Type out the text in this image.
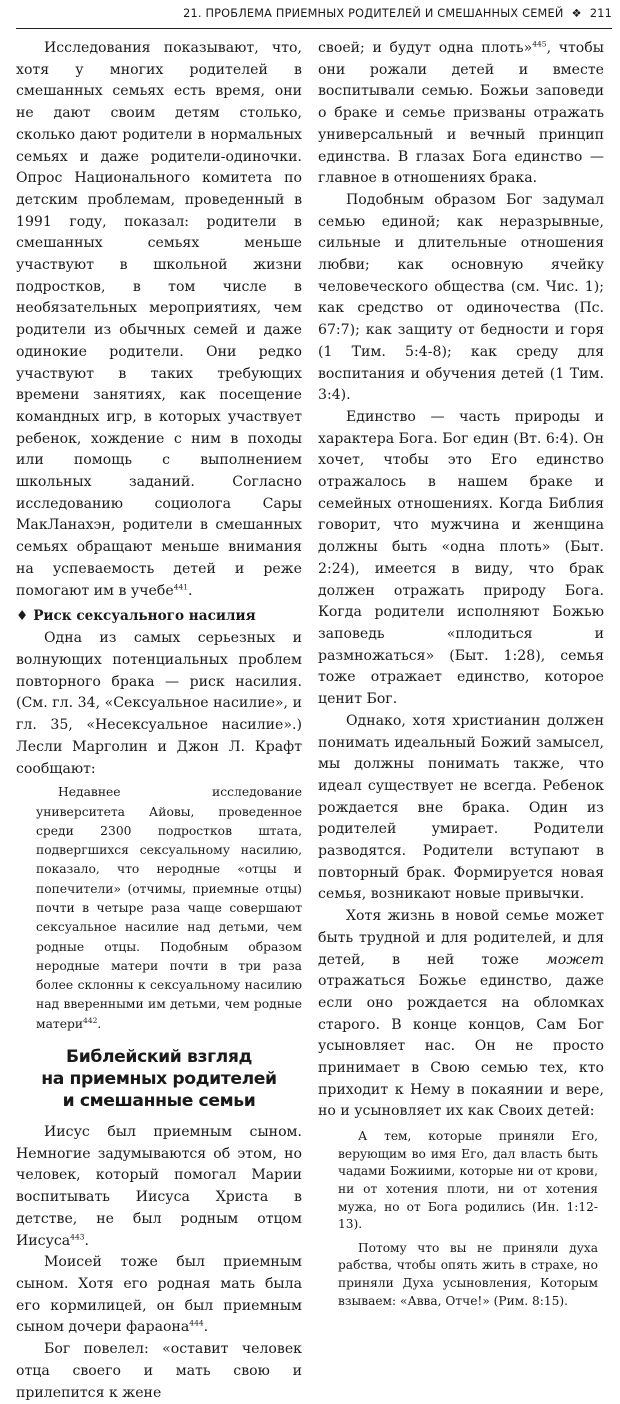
21. ПРОБЛЕМА ПРИЕМНЫХ РОДИТЕЛЕЙ И СМЕШАННЫХ СЕМЕЙ ❖ 211

Исследования показывают, что, хотя у многих родителей в смешанных семьях есть время, они не дают своим детям столько, сколько дают родители в нормальных семьях и даже родители-одиночки. Опрос Национального комитета по детским проблемам, проведенный в 1991 году, показал: родители в смешанных семьях меньше участвуют в школьной жизни подростков, в том числе в необязательных мероприятиях, чем родители из обычных семей и даже одинокие родители. Они редко участвуют в таких требующих времени занятиях, как посещение командных игр, в которых участвует ребенок, хождение с ним в походы или помощь с выполнением школьных заданий. Согласно исследованию социолога Сары МакЛанахэн, родители в смешанных семьях обращают меньше внимания на успеваемость детей и реже помогают им в учебе$^{441}$.

♦ Риск сексуального насилия

Одна из самых серьезных и волнующих потенциальных проблем повторного брака — риск насилия. (См. гл. 34, «Сексуальное насилие», и гл. 35, «Несексуальное насилие».) Лесли Марголин и Джон Л. Крафт сообщают:

Недавнее исследование университета Айовы, проведенное среди 2300 подростков штата, подвергшихся сексуальному насилию, показало, что неродные «отцы и попечители» (отчимы, приемные отцы) почти в четыре раза чаще совершают сексуальное насилие над детьми, чем родные отцы. Подобным образом неродные матери почти в три раза более склонны к сексуальному насилию над вверенными им детьми, чем родные матери$^{442}$.

Библейский взгляд
на приемных родителей
и смешанные семьи

Иисус был приемным сыном. Немногие задумываются об этом, но человек, который помогал Марии воспитывать Иисуса Христа в детстве, не был родным отцом Иисуса$^{443}$.

Моисей тоже был приемным сыном. Хотя его родная мать была его кормилицей, он был приемным сыном дочери фараона$^{444}$.

Бог повелел: «оставит человек отца своего и мать свою и прилепится к жене

своей; и будут одна плоть»$^{445}$, чтобы они рожали детей и вместе воспитывали семью. Божьи заповеди о браке и семье призваны отражать универсальный и вечный принцип единства. В глазах Бога единство — главное в отношениях брака.

Подобным образом Бог задумал семью единой; как неразрывные, сильные и длительные отношения любви; как основную ячейку человеческого общества (см. Чис. 1); как средство от одиночества (Пс. 67:7); как защиту от бедности и горя (1 Тим. 5:4-8); как среду для воспитания и обучения детей (1 Тим. 3:4).

Единство — часть природы и характера Бога. Бог един (Вт. 6:4). Он хочет, чтобы это Его единство отражалось в нашем браке и семейных отношениях. Когда Библия говорит, что мужчина и женщина должны быть «одна плоть» (Быт. 2:24), имеется в виду, что брак должен отражать природу Бога. Когда родители исполняют Божью заповедь «плодиться и размножаться» (Быт. 1:28), семья тоже отражает единство, которое ценит Бог.

Однако, хотя христианин должен понимать идеальный Божий замысел, мы должны понимать также, что идеал существует не всегда. Ребенок рождается вне брака. Один из родителей умирает. Родители разводятся. Родители вступают в повторный брак. Формируется новая семья, возникают новые привычки.

Хотя жизнь в новой семье может быть трудной и для родителей, и для детей, в ней тоже может отражаться Божье единство, даже если оно рождается на обломках старого. В конце концов, Сам Бог усыновляет нас. Он не просто принимает в Свою семью тех, кто приходит к Нему в покаянии и вере, но и усыновляет их как Своих детей:

А тем, которые приняли Его, верующим во имя Его, дал власть быть чадами Божиими, которые ни от крови, ни от хотения плоти, ни от хотения мужа, но от Бога родились (Ин. 1:12-13).

Потому что вы не приняли духа рабства, чтобы опять жить в страхе, но приняли Духа усыновления, Которым взываем: «Авва, Отче!» (Рим. 8:15).
